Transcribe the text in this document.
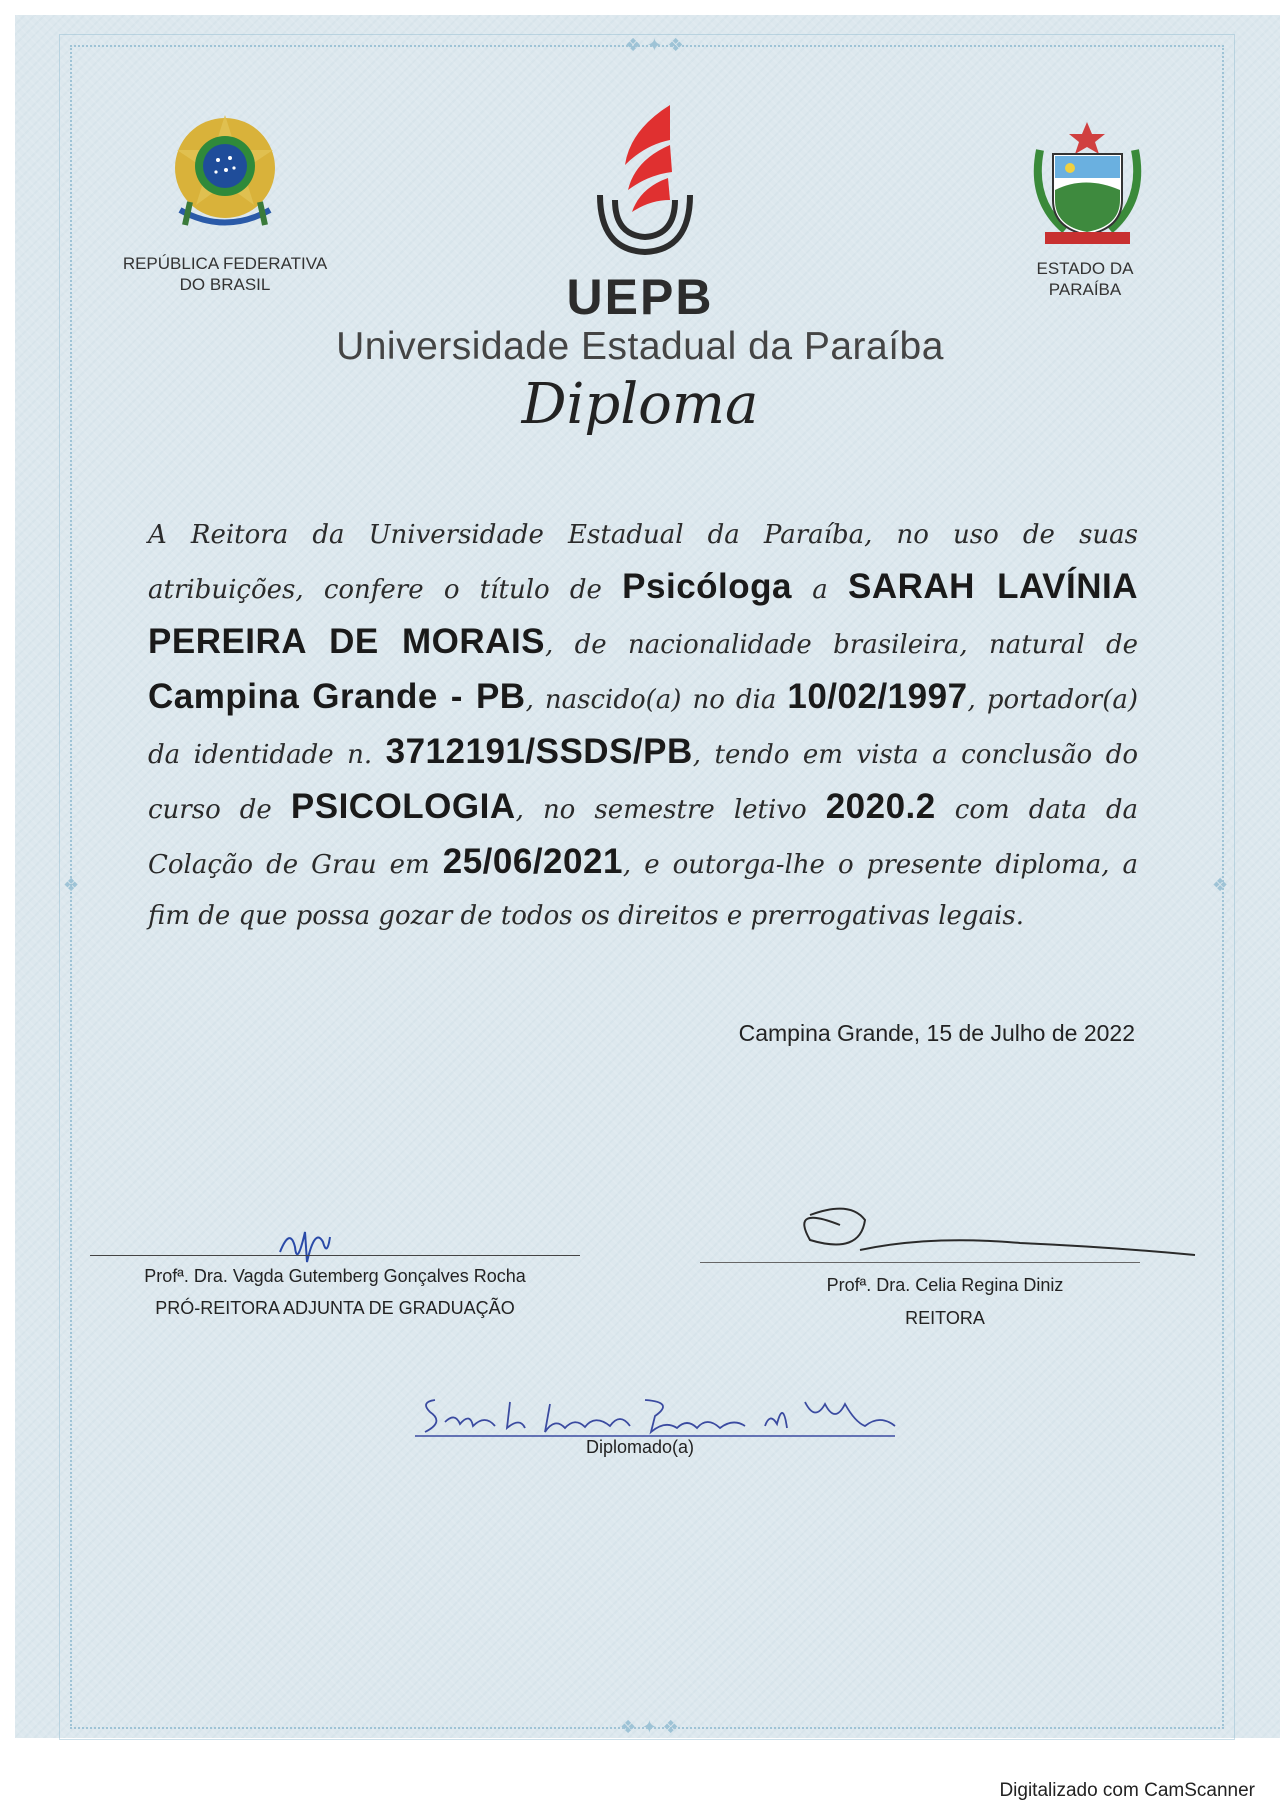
❖ ✦ ❖
❖ ✦ ❖
❖	❖
REPÚBLICA FEDERATIVA DO BRASIL	UEPB
Universidade Estadual da Paraíba
Diploma
ESTADO DA PARAÍBA
A Reitora da Universidade Estadual da Paraíba, no uso de suas atribuições, confere o título de Psicóloga a SARAH LAVÍNIA PEREIRA DE MORAIS, de nacionalidade brasileira, natural de Campina Grande - PB, nascido(a) no dia 10/02/1997, portador(a) da identidade n. 3712191/SSDS/PB, tendo em vista a conclusão do curso de PSICOLOGIA, no semestre letivo 2020.2 com data da Colação de Grau em 25/06/2021, e outorga-lhe o presente diploma, a fim de que possa gozar de todos os direitos e prerrogativas legais.
Campina Grande, 15 de Julho de 2022
Profª. Dra. Vagda Gutemberg Gonçalves Rocha
PRÓ-REITORA ADJUNTA DE GRADUAÇÃO
Profª. Dra. Celia Regina Diniz
REITORA
Diplomado(a)
Digitalizado com CamScanner
